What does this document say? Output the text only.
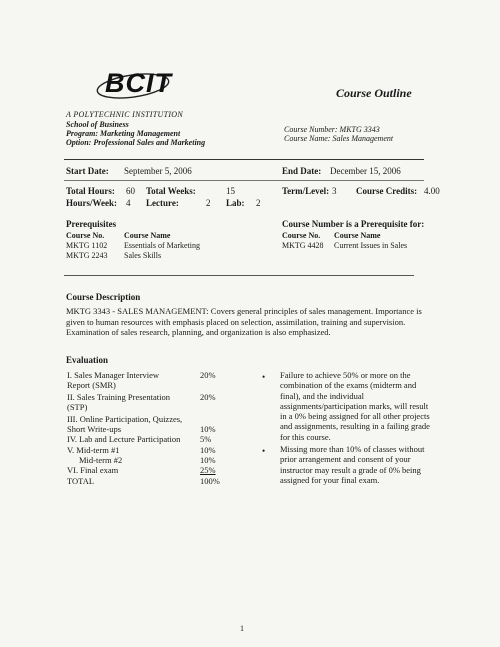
BCIT
A POLYTECHNIC INSTITUTION
School of Business
Program: Marketing Management
Option: Professional Sales and Marketing
Course Outline
Course Number: MKTG 3343
Course Name: Sales Management
Start Date: September 5, 2006	End Date: December 15, 2006
Total Hours: 60 Total Weeks:	15	Term/Level: 3 Course Credits: 4.00
Hours/Week: 4 Lecture:	2 Lab: 2
Prerequisites
Course No. Course Name
MKTG 1102 Essentials of Marketing
MKTG 2243 Sales Skills
Course Number is a Prerequisite for:
Course No. Course Name
MKTG 4428 Current Issues in Sales
Course Description
MKTG 3343 - SALES MANAGEMENT: Covers general principles of sales management. Importance is given to human resources with emphasis placed on selection, assimilation, training and supervision. Examination of sales research, planning, and organization is also emphasized.
Evaluation
I. Sales Manager Interview	20%
Report (SMR)
II. Sales Training Presentation	20%
(STP)
III. Online Participation, Quizzes,
Short Write-ups	10%
IV. Lab and Lecture Participation 5%
V. Mid-term #1	10%
Mid-term #2	10%
VI. Final exam	25%
TOTAL	100%
• Failure to achieve 50% or more on the combination of the exams (midterm and final), and the individual assignments/participation marks, will result in a 0% being assigned for all other projects and assignments, resulting in a failing grade for this course.
• Missing more than 10% of classes without prior arrangement and consent of your instructor may result a grade of 0% being assigned for your final exam.
1
